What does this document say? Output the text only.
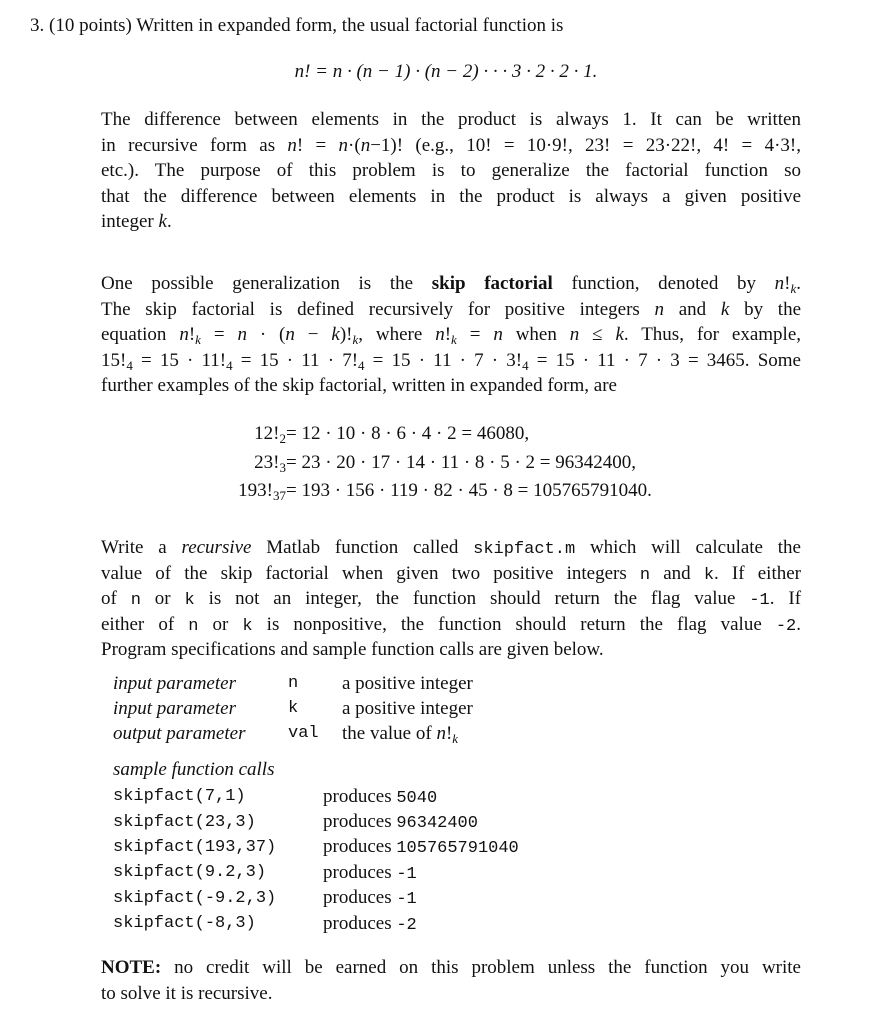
3. (10 points) Written in expanded form, the usual factorial function is
n! = n · (n − 1) · (n − 2) · · · 3 · 2 · 2 · 1.
The difference between elements in the product is always 1. It can be written
in recursive form as n! = n·(n−1)! (e.g., 10! = 10·9!, 23! = 23·22!, 4! = 4·3!,
etc.). The purpose of this problem is to generalize the factorial function so
that the difference between elements in the product is always a given positive
integer k.
One possible generalization is the skip factorial function, denoted by $n!_k$.
The skip factorial is defined recursively for positive integers n and k by the
equation $n!_k = n \cdot (n - k)!_k$, where $n!_k = n$ when n ≤ k. Thus, for example,
$15!_4 = 15 \cdot 11!_4 = 15 \cdot 11 \cdot 7!_4 = 15 \cdot 11 \cdot 7 \cdot 3!_4 = 15 \cdot 11 \cdot 7 \cdot 3 = 3465$. Some
further examples of the skip factorial, written in expanded form, are
$12!_2$	= 12 · 10 · 8 · 6 · 4 · 2 = 46080,
$23!_3$	= 23 · 20 · 17 · 14 · 11 · 8 · 5 · 2 = 96342400,
$193!_{37}$	= 193 · 156 · 119 · 82 · 45 · 8 = 105765791040.
Write a recursive Matlab function called skipfact.m which will calculate the
value of the skip factorial when given two positive integers n and k. If either
of n or k is not an integer, the function should return the flag value -1. If
either of n or k is nonpositive, the function should return the flag value -2.
Program specifications and sample function calls are given below.
input parameter	n	a positive integer
input parameter	k	a positive integer
output parameter	val	the value of $n!_k$
sample function calls
skipfact(7,1)	produces 5040
skipfact(23,3)	produces 96342400
skipfact(193,37)	produces 105765791040
skipfact(9.2,3)	produces -1
skipfact(-9.2,3)	produces -1
skipfact(-8,3)	produces -2
NOTE: no credit will be earned on this problem unless the function you write
to solve it is recursive.
